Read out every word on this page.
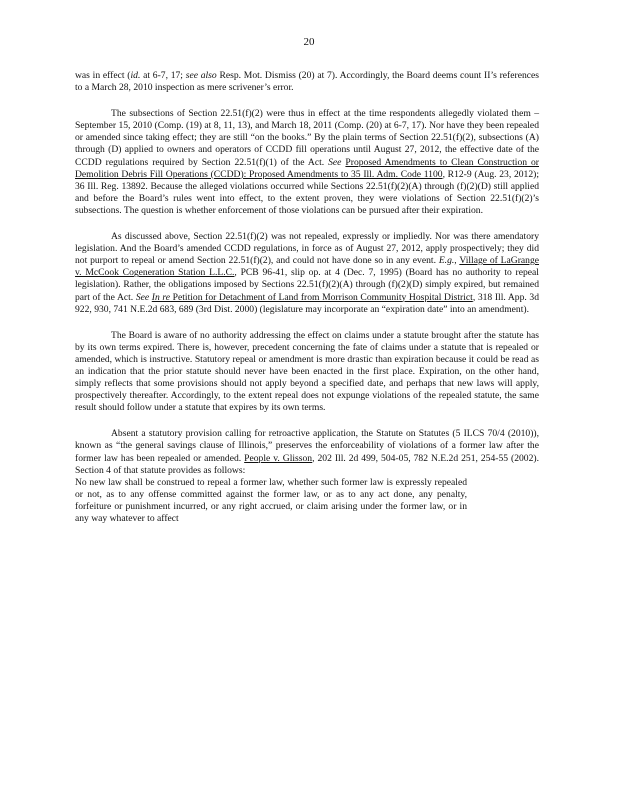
20

was in effect (id. at 6-7, 17; see also Resp. Mot. Dismiss (20) at 7). Accordingly, the Board deems count II’s references to a March 28, 2010 inspection as mere scrivener’s error.

The subsections of Section 22.51(f)(2) were thus in effect at the time respondents allegedly violated them – September 15, 2010 (Comp. (19) at 8, 11, 13), and March 18, 2011 (Comp. (20) at 6-7, 17). Nor have they been repealed or amended since taking effect; they are still “on the books.” By the plain terms of Section 22.51(f)(2), subsections (A) through (D) applied to owners and operators of CCDD fill operations until August 27, 2012, the effective date of the CCDD regulations required by Section 22.51(f)(1) of the Act. See Proposed Amendments to Clean Construction or Demolition Debris Fill Operations (CCDD): Proposed Amendments to 35 Ill. Adm. Code 1100, R12-9 (Aug. 23, 2012); 36 Ill. Reg. 13892. Because the alleged violations occurred while Sections 22.51(f)(2)(A) through (f)(2)(D) still applied and before the Board’s rules went into effect, to the extent proven, they were violations of Section 22.51(f)(2)’s subsections. The question is whether enforcement of those violations can be pursued after their expiration.

As discussed above, Section 22.51(f)(2) was not repealed, expressly or impliedly. Nor was there amendatory legislation. And the Board’s amended CCDD regulations, in force as of August 27, 2012, apply prospectively; they did not purport to repeal or amend Section 22.51(f)(2), and could not have done so in any event. E.g., Village of LaGrange v. McCook Cogeneration Station L.L.C., PCB 96-41, slip op. at 4 (Dec. 7, 1995) (Board has no authority to repeal legislation). Rather, the obligations imposed by Sections 22.51(f)(2)(A) through (f)(2)(D) simply expired, but remained part of the Act. See In re Petition for Detachment of Land from Morrison Community Hospital District, 318 Ill. App. 3d 922, 930, 741 N.E.2d 683, 689 (3rd Dist. 2000) (legislature may incorporate an “expiration date” into an amendment).

The Board is aware of no authority addressing the effect on claims under a statute brought after the statute has by its own terms expired. There is, however, precedent concerning the fate of claims under a statute that is repealed or amended, which is instructive. Statutory repeal or amendment is more drastic than expiration because it could be read as an indication that the prior statute should never have been enacted in the first place. Expiration, on the other hand, simply reflects that some provisions should not apply beyond a specified date, and perhaps that new laws will apply, prospectively thereafter. Accordingly, to the extent repeal does not expunge violations of the repealed statute, the same result should follow under a statute that expires by its own terms.

Absent a statutory provision calling for retroactive application, the Statute on Statutes (5 ILCS 70/4 (2010)), known as “the general savings clause of Illinois,” preserves the enforceability of violations of a former law after the former law has been repealed or amended. People v. Glisson, 202 Ill. 2d 499, 504-05, 782 N.E.2d 251, 254-55 (2002). Section 4 of that statute provides as follows:

No new law shall be construed to repeal a former law, whether such former law is expressly repealed or not, as to any offense committed against the former law, or as to any act done, any penalty, forfeiture or punishment incurred, or any right accrued, or claim arising under the former law, or in any way whatever to affect
